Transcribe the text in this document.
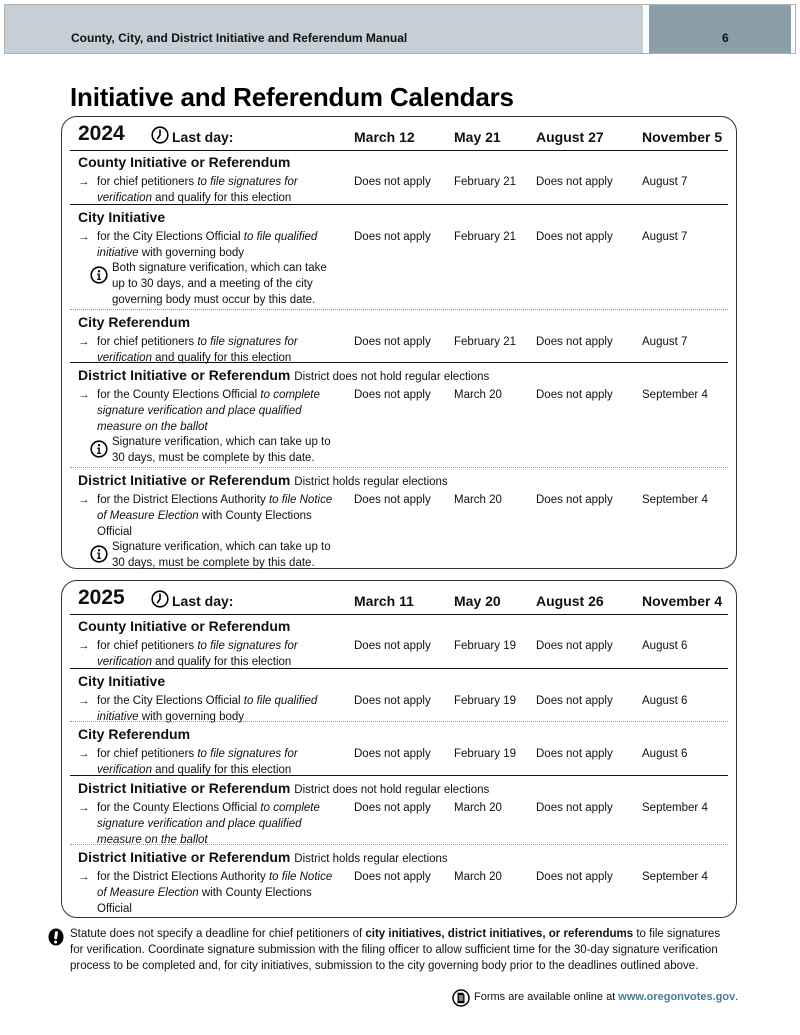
County, City, and District Initiative and Referendum Manual	6
Initiative and Referendum Calendars
2024	Last day:	March 12	May 21	August 27	November 5
County Initiative or Referendum
→ for chief petitioners to file signatures for verification and qualify for this election
Does not apply February 21 Does not apply	August 7
City Initiative
→ for the City Elections Official to file qualified initiative with governing body
Does not apply February 21 Does not apply	August 7
Both signature verification, which can take up to 30 days, and a meeting of the city governing body must occur by this date.
City Referendum
→ for chief petitioners to file signatures for verification and qualify for this election
Does not apply February 21 Does not apply	August 7
District Initiative or Referendum District does not hold regular elections
→ for the County Elections Official to complete signature verification and place qualified measure on the ballot
Does not apply March 20	Does not apply	September 4
Signature verification, which can take up to 30 days, must be complete by this date.
District Initiative or Referendum District holds regular elections
→ for the District Elections Authority to file Notice of Measure Election with County Elections Official
Does not apply March 20	Does not apply	September 4
Signature verification, which can take up to 30 days, must be complete by this date.
2025	Last day:	March 11	May 20	August 26	November 4
County Initiative or Referendum
→ for chief petitioners to file signatures for verification and qualify for this election
Does not apply February 19 Does not apply	August 6
City Initiative
→ for the City Elections Official to file qualified initiative with governing body
Does not apply February 19 Does not apply	August 6
City Referendum
→ for chief petitioners to file signatures for verification and qualify for this election
Does not apply February 19 Does not apply	August 6
District Initiative or Referendum District does not hold regular elections
→ for the County Elections Official to complete signature verification and place qualified measure on the ballot
Does not apply March 20	Does not apply	September 4
District Initiative or Referendum District holds regular elections
→ for the District Elections Authority to file Notice of Measure Election with County Elections Official
Does not apply March 20	Does not apply	September 4
Statute does not specify a deadline for chief petitioners of city initiatives, district initiatives, or referendums to file signatures for verification. Coordinate signature submission with the filing officer to allow sufficient time for the 30-day signature verification process to be completed and, for city initiatives, submission to the city governing body prior to the deadlines outlined above.
Forms are available online at www.oregonvotes.gov.
